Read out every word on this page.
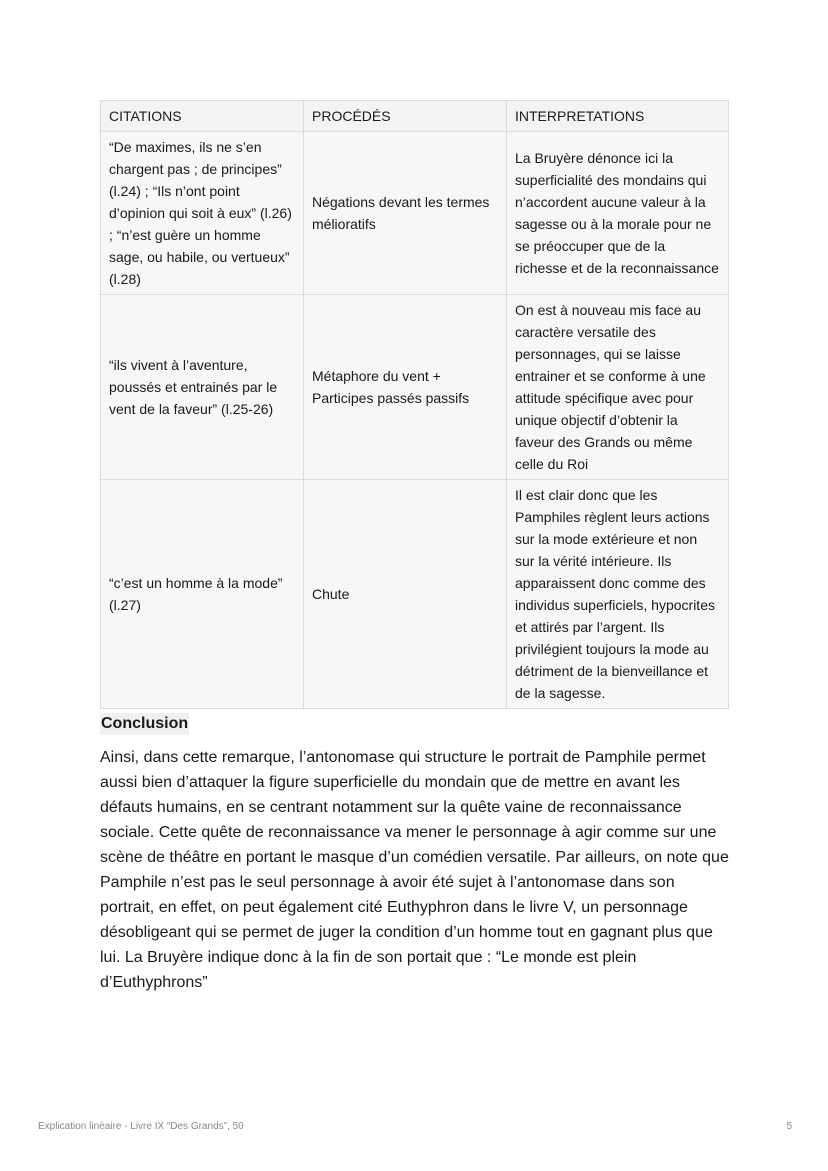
CITATIONS	PROCÉDÉS	INTERPRETATIONS
“De maximes, ils ne s’en chargent pas ; de principes” (l.24) ; “Ils n’ont point d’opinion qui soit à eux” (l.26) ; “n’est guère un homme sage, ou habile, ou vertueux” (l.28)	Négations devant les termes mélioratifs	La Bruyère dénonce ici la superficialité des mondains qui n’accordent aucune valeur à la sagesse ou à la morale pour ne se préoccuper que de la richesse et de la reconnaissance
“ils vivent à l’aventure, poussés et entrainés par le vent de la faveur” (l.25-26)	Métaphore du vent + Participes passés passifs	On est à nouveau mis face au caractère versatile des personnages, qui se laisse entrainer et se conforme à une attitude spécifique avec pour unique objectif d’obtenir la faveur des Grands ou même celle du Roi
“c’est un homme à la mode” (l.27)	Chute	Il est clair donc que les Pamphiles règlent leurs actions sur la mode extérieure et non sur la vérité intérieure. Ils apparaissent donc comme des individus superficiels, hypocrites et attirés par l’argent. Ils privilégient toujours la mode au détriment de la bienveillance et de la sagesse.
Conclusion

Ainsi, dans cette remarque, l’antonomase qui structure le portrait de Pamphile permet aussi bien d’attaquer la figure superficielle du mondain que de mettre en avant les défauts humains, en se centrant notamment sur la quête vaine de reconnaissance sociale. Cette quête de reconnaissance va mener le personnage à agir comme sur une scène de théâtre en portant le masque d’un comédien versatile. Par ailleurs, on note que Pamphile n’est pas le seul personnage à avoir été sujet à l’antonomase dans son portrait, en effet, on peut également cité Euthyphron dans le livre V, un personnage désobligeant qui se permet de juger la condition d’un homme tout en gagnant plus que lui. La Bruyère indique donc à la fin de son portait que : “Le monde est plein d’Euthyphrons”

Explication linéaire - Livre IX “Des Grands”, 50	5
